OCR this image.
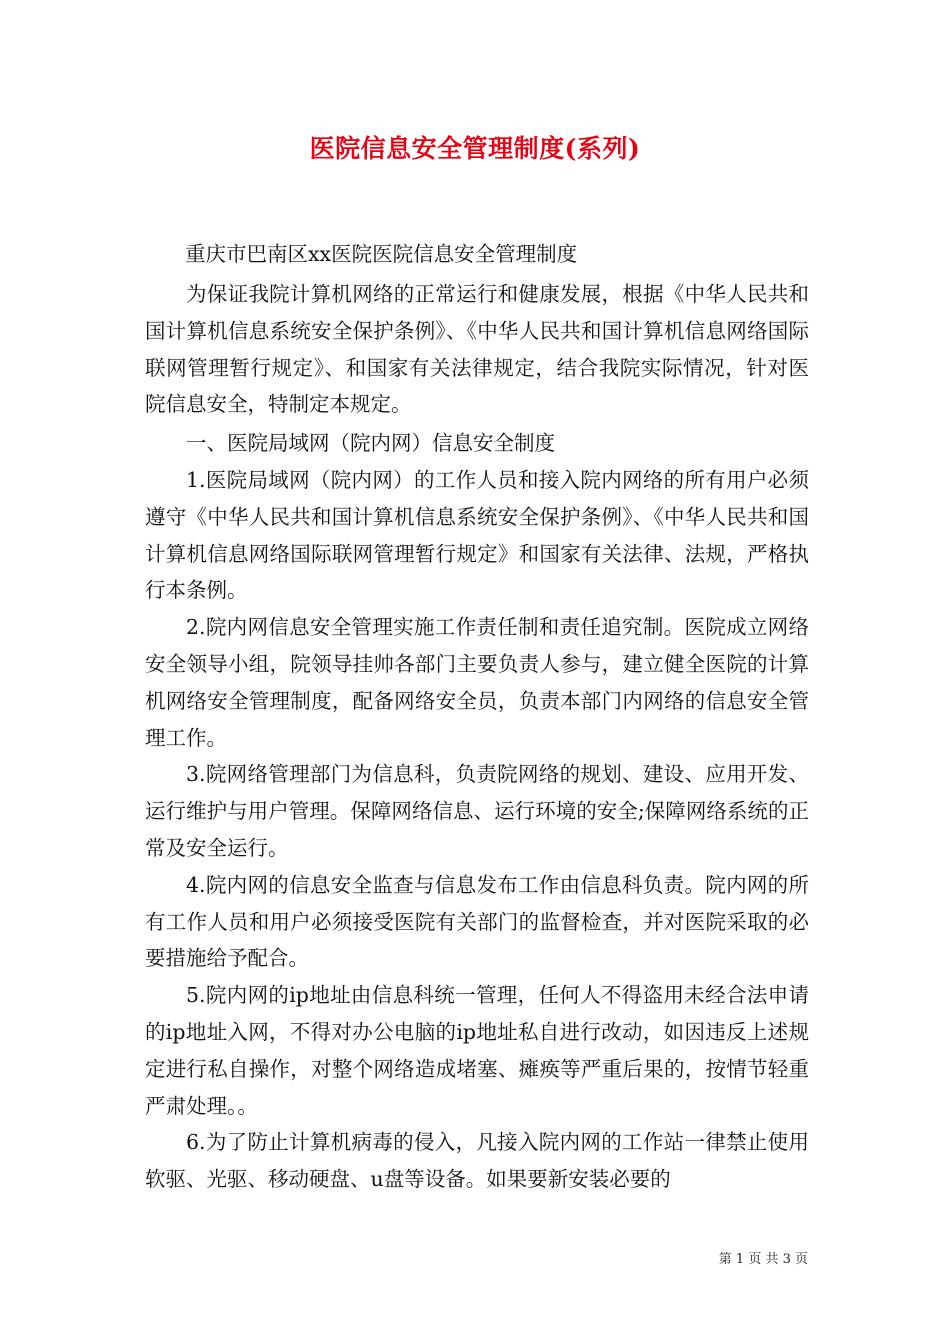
医院信息安全管理制度(系列)

重庆市巴南区xx医院医院信息安全管理制度

为保证我院计算机网络的正常运行和健康发展，根据《中华人民共和国计算机信息系统安全保护条例》、《中华人民共和国计算机信息网络国际联网管理暂行规定》、和国家有关法律规定，结合我院实际情况，针对医院信息安全，特制定本规定。

一、医院局域网（院内网）信息安全制度

1.医院局域网（院内网）的工作人员和接入院内网络的所有用户必须遵守《中华人民共和国计算机信息系统安全保护条例》、《中华人民共和国计算机信息网络国际联网管理暂行规定》和国家有关法律、法规，严格执行本条例。

2.院内网信息安全管理实施工作责任制和责任追究制。医院成立网络安全领导小组，院领导挂帅各部门主要负责人参与，建立健全医院的计算机网络安全管理制度，配备网络安全员，负责本部门内网络的信息安全管理工作。

3.院网络管理部门为信息科，负责院网络的规划、建设、应用开发、运行维护与用户管理。保障网络信息、运行环境的安全;保障网络系统的正常及安全运行。

4.院内网的信息安全监查与信息发布工作由信息科负责。院内网的所有工作人员和用户必须接受医院有关部门的监督检查，并对医院采取的必要措施给予配合。

5.院内网的ip地址由信息科统一管理，任何人不得盗用未经合法申请的ip地址入网，不得对办公电脑的ip地址私自进行改动，如因违反上述规定进行私自操作，对整个网络造成堵塞、瘫痪等严重后果的，按情节轻重严肃处理。。

6.为了防止计算机病毒的侵入，凡接入院内网的工作站一律禁止使用软驱、光驱、移动硬盘、u盘等设备。如果要新安装必要的

第 1 页 共 3 页
